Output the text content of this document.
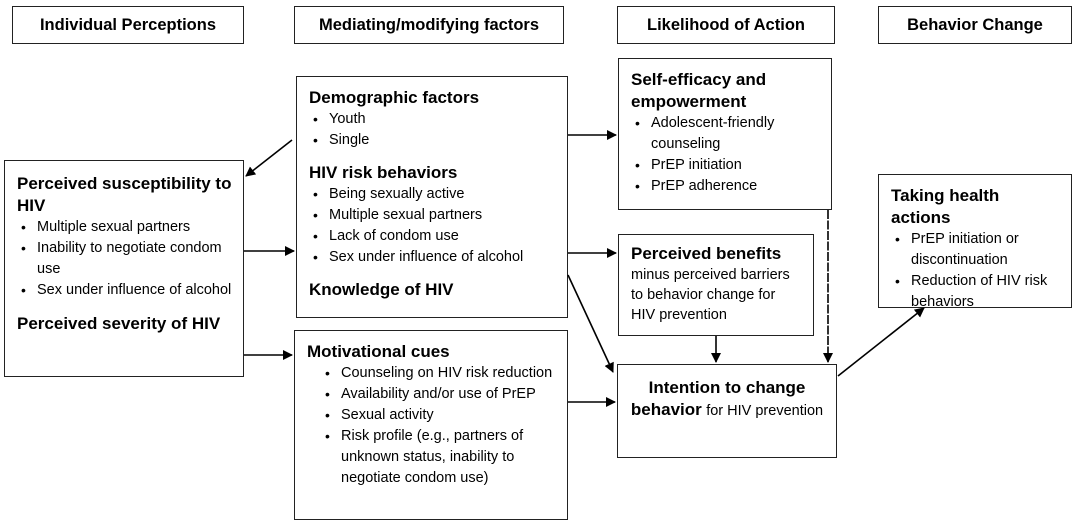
Individual Perceptions	Mediating/modifying factors	Likelihood of Action	Behavior Change
Perceived susceptibility to HIV
• Multiple sexual partners
• Inability to negotiate condom use
• Sex under influence of alcohol
Perceived severity of HIV
Demographic factors
• Youth
• Single
HIV risk behaviors
• Being sexually active
• Multiple sexual partners
• Lack of condom use
• Sex under influence of alcohol
Knowledge of HIV
Motivational cues
• Counseling on HIV risk reduction
• Availability and/or use of PrEP
• Sexual activity
• Risk profile (e.g., partners of unknown status, inability to negotiate condom use)
Self-efficacy and empowerment
• Adolescent-friendly counseling
• PrEP initiation
• PrEP adherence
Perceived benefits
minus perceived barriers to behavior change for HIV prevention
Intention to change behavior for HIV prevention
Taking health actions
• PrEP initiation or discontinuation
• Reduction of HIV risk behaviors
